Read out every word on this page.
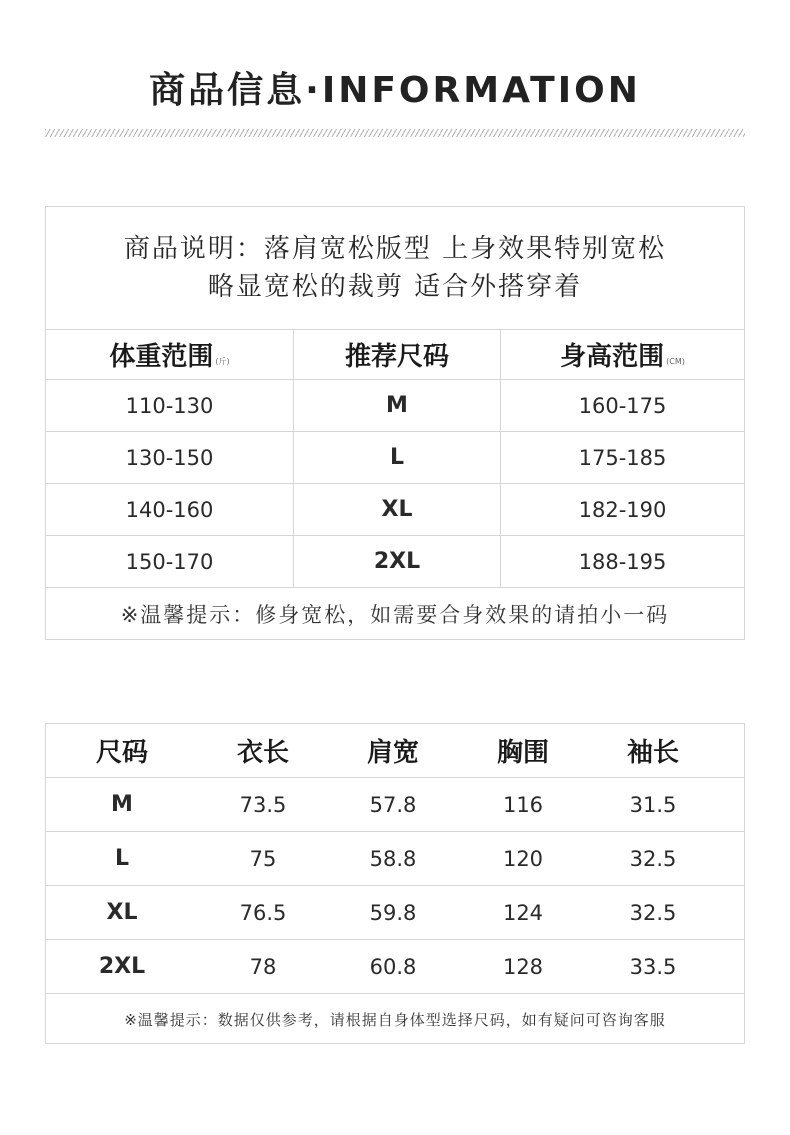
商品信息·INFORMATION
商品说明：落肩宽松版型 上身效果特别宽松
略显宽松的裁剪 适合外搭穿着
体重范围 (斤)	推荐尺码	身高范围 (CM)
110-130	M	160-175
130-150	L	175-185
140-160	XL	182-190
150-170	2XL	188-195
※温馨提示：修身宽松，如需要合身效果的请拍小一码
尺码	衣长	肩宽	胸围	袖长
M	73.5	57.8	116	31.5
L	75	58.8	120	32.5
XL	76.5	59.8	124	32.5
2XL	78	60.8	128	33.5
※温馨提示：数据仅供参考，请根据自身体型选择尺码，如有疑问可咨询客服
